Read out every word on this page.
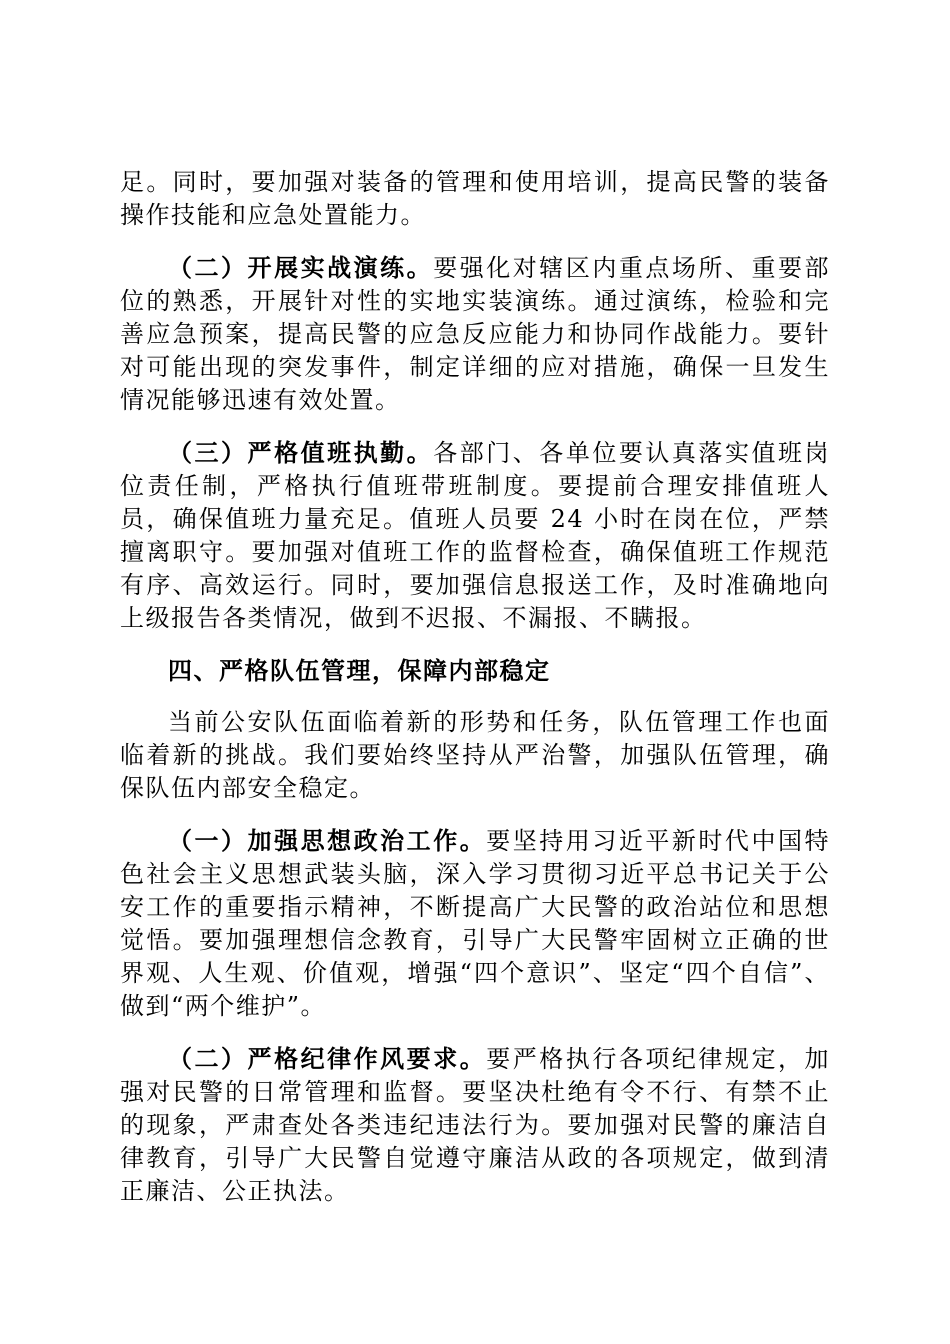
足。同时，要加强对装备的管理和使用培训，提高民警的装备操作技能和应急处置能力。

（二）开展实战演练。要强化对辖区内重点场所、重要部位的熟悉，开展针对性的实地实装演练。通过演练，检验和完善应急预案，提高民警的应急反应能力和协同作战能力。要针对可能出现的突发事件，制定详细的应对措施，确保一旦发生情况能够迅速有效处置。

（三）严格值班执勤。各部门、各单位要认真落实值班岗位责任制，严格执行值班带班制度。要提前合理安排值班人员，确保值班力量充足。值班人员要 24 小时在岗在位，严禁擅离职守。要加强对值班工作的监督检查，确保值班工作规范有序、高效运行。同时，要加强信息报送工作，及时准确地向上级报告各类情况，做到不迟报、不漏报、不瞒报。

四、严格队伍管理，保障内部稳定

当前公安队伍面临着新的形势和任务，队伍管理工作也面临着新的挑战。我们要始终坚持从严治警，加强队伍管理，确保队伍内部安全稳定。

（一）加强思想政治工作。要坚持用习近平新时代中国特色社会主义思想武装头脑，深入学习贯彻习近平总书记关于公安工作的重要指示精神，不断提高广大民警的政治站位和思想觉悟。要加强理想信念教育，引导广大民警牢固树立正确的世界观、人生观、价值观，增强“四个意识”、坚定“四个自信”、做到“两个维护”。

（二）严格纪律作风要求。要严格执行各项纪律规定，加强对民警的日常管理和监督。要坚决杜绝有令不行、有禁不止的现象，严肃查处各类违纪违法行为。要加强对民警的廉洁自律教育，引导广大民警自觉遵守廉洁从政的各项规定，做到清正廉洁、公正执法。
